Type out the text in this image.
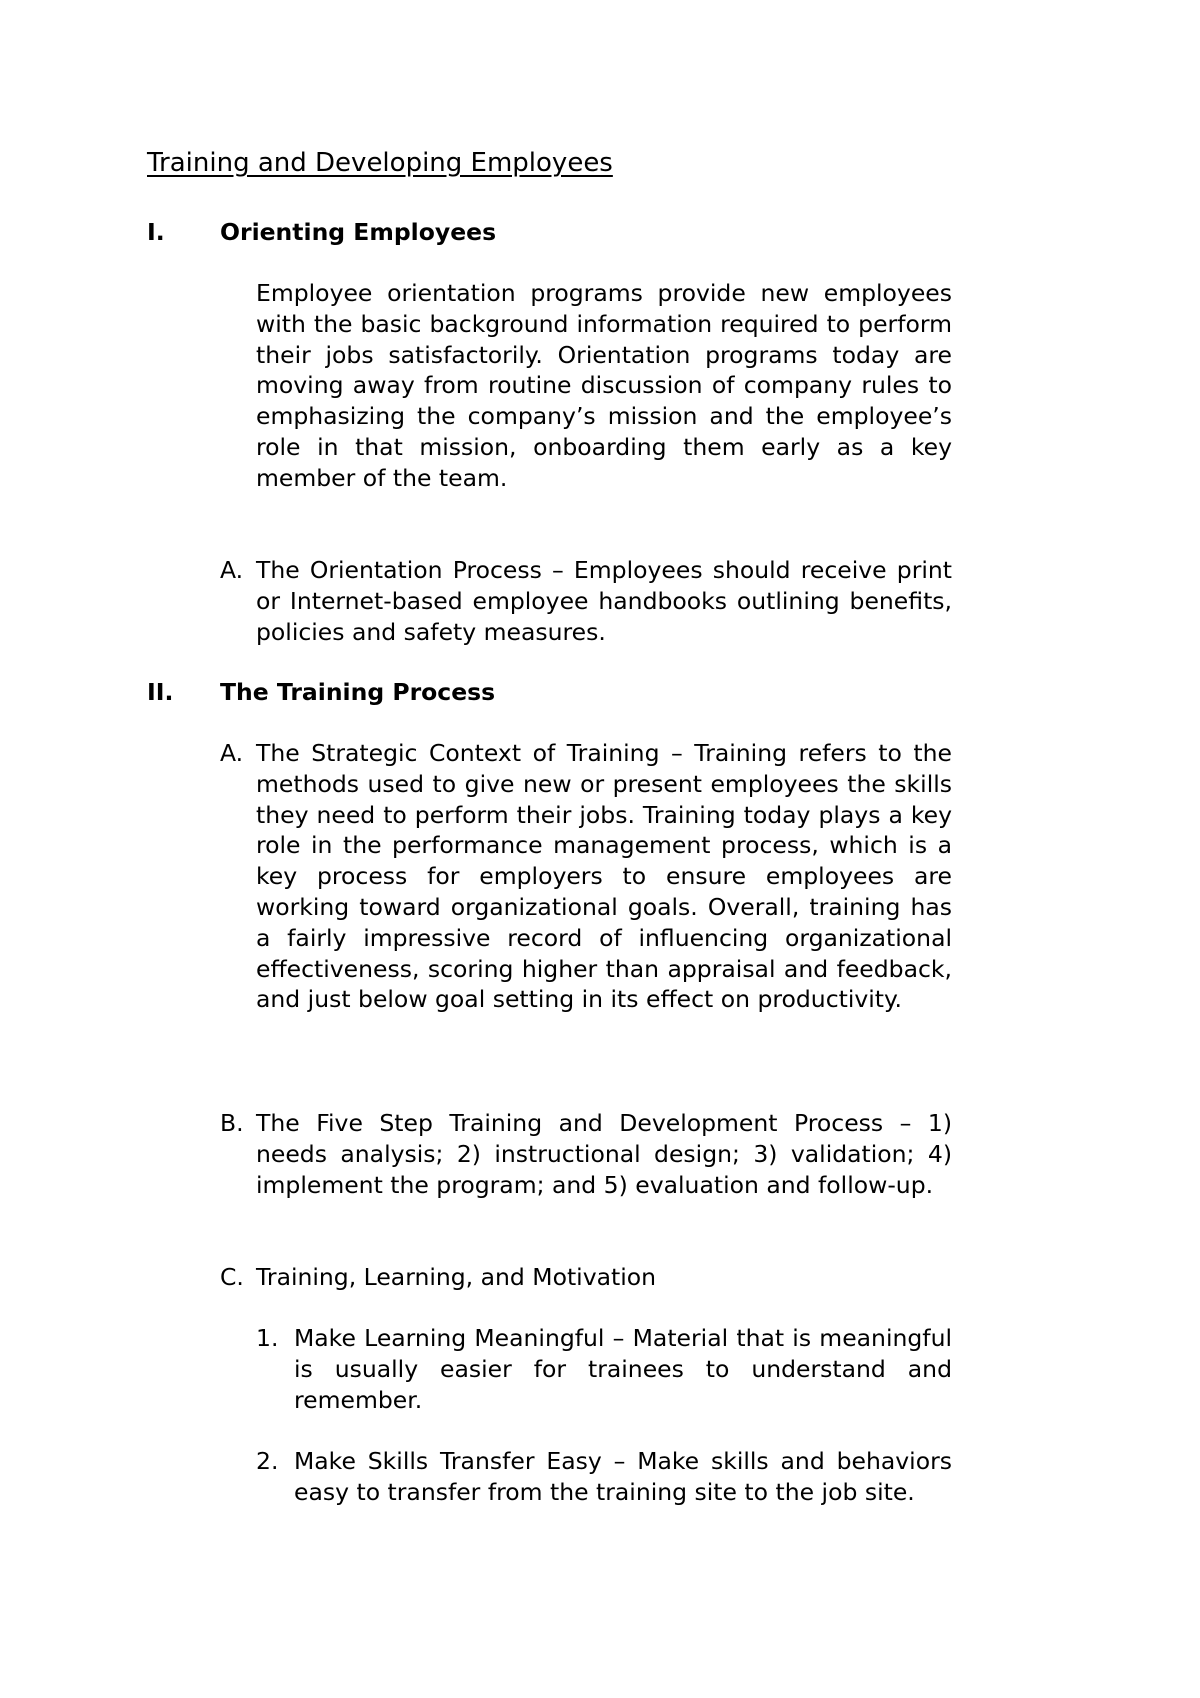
Training and Developing Employees
I. Orienting Employees

Employee orientation programs provide new employees with the basic background information required to perform their jobs satisfactorily. Orientation programs today are moving away from routine discussion of company rules to emphasizing the company’s mission and the employee’s role in that mission, onboarding them early as a key member of the team.

A. The Orientation Process – Employees should receive print or Internet-based employee handbooks outlining benefits, policies and safety measures.

II. The Training Process
A. The Strategic Context of Training – Training refers to the methods used to give new or present employees the skills they need to perform their jobs. Training today plays a key role in the performance management process, which is a key process for employers to ensure employees are working toward organizational goals. Overall, training has a fairly impressive record of influencing organizational effectiveness, scoring higher than appraisal and feedback, and just below goal setting in its effect on productivity.

B. The Five Step Training and Development Process – 1) needs analysis; 2) instructional design; 3) validation; 4) implement the program; and 5) evaluation and follow-up.

C. Training, Learning, and Motivation

1. Make Learning Meaningful – Material that is meaningful is usually easier for trainees to understand and remember.

2. Make Skills Transfer Easy – Make skills and behaviors easy to transfer from the training site to the job site.
